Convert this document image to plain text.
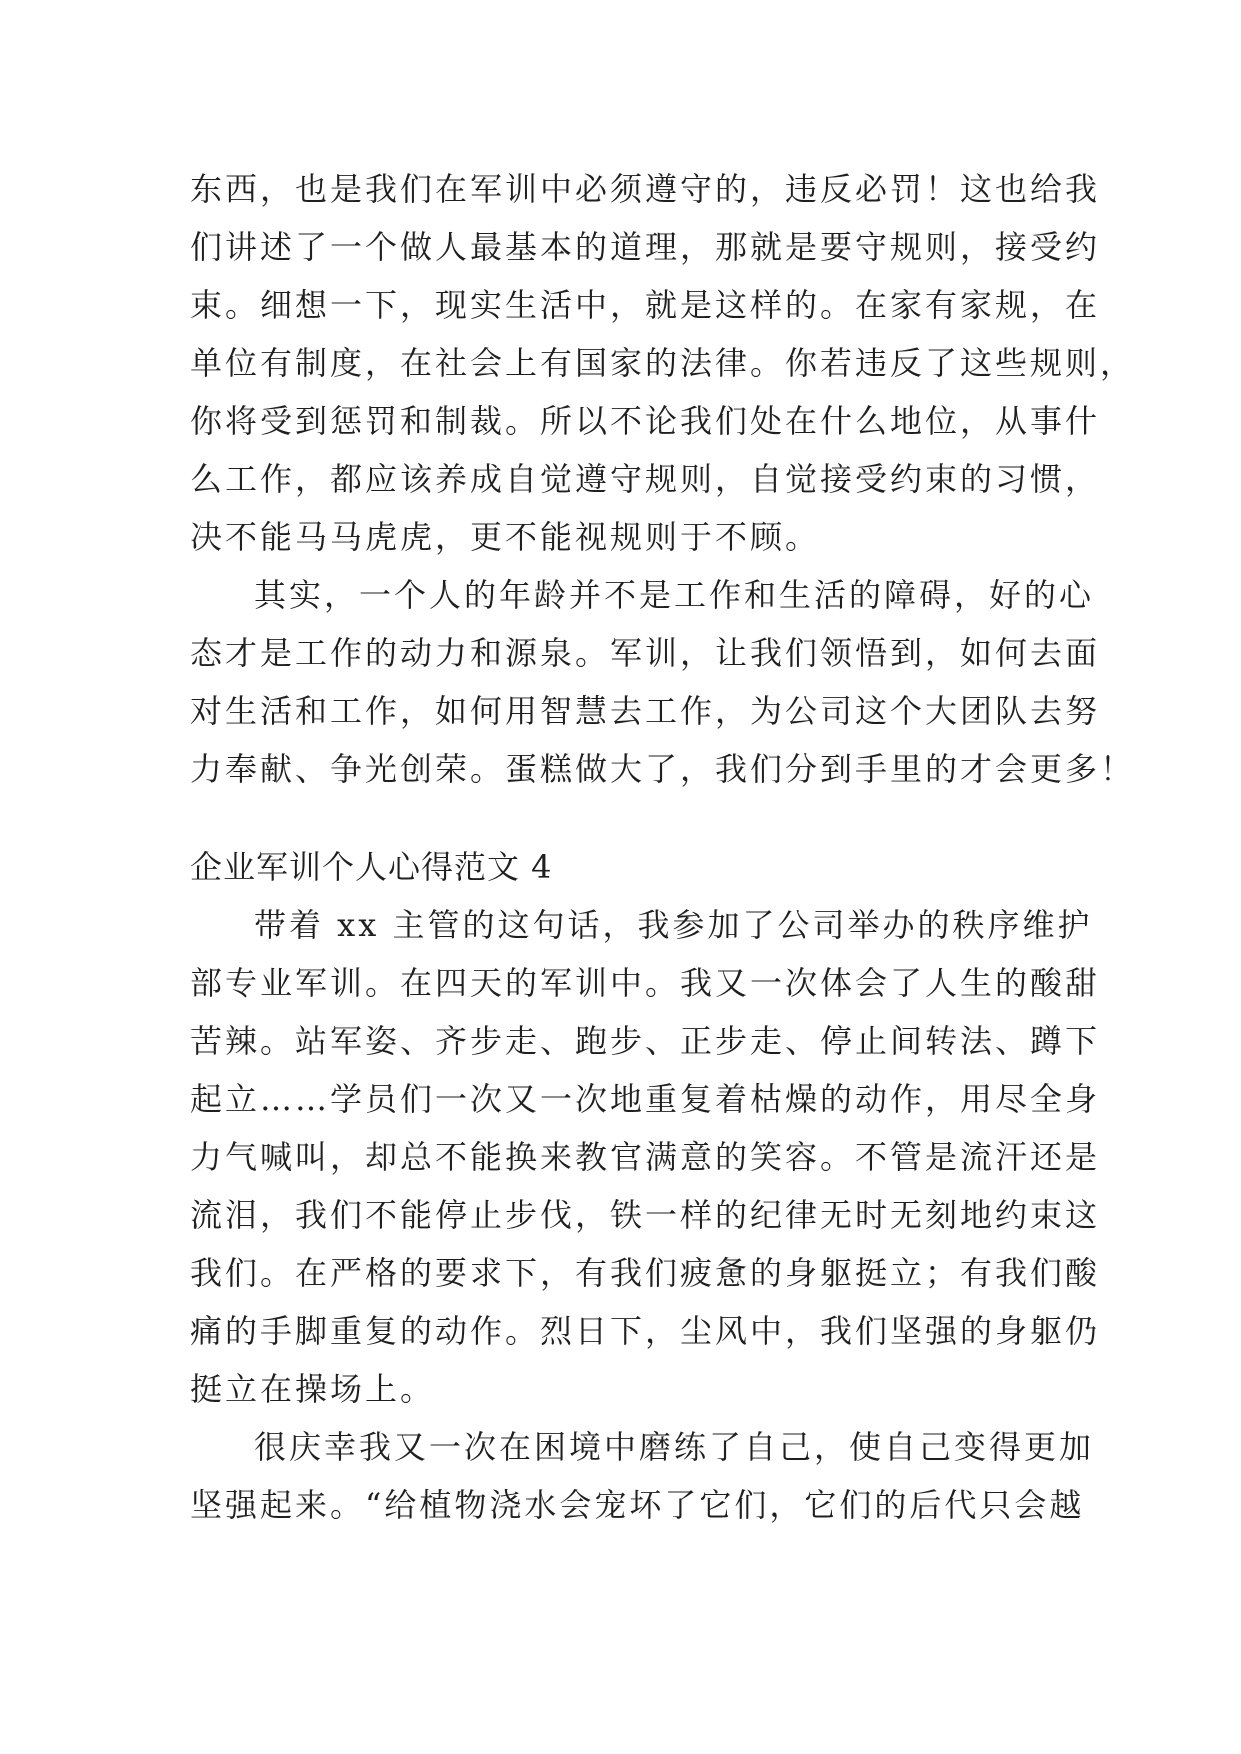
东西，也是我们在军训中必须遵守的，违反必罚！这也给我
们讲述了一个做人最基本的道理，那就是要守规则，接受约
束。细想一下，现实生活中，就是这样的。在家有家规，在
单位有制度，在社会上有国家的法律。你若违反了这些规则，
你将受到惩罚和制裁。所以不论我们处在什么地位，从事什
么工作，都应该养成自觉遵守规则，自觉接受约束的习惯，
决不能马马虎虎，更不能视规则于不顾。
其实，一个人的年龄并不是工作和生活的障碍，好的心
态才是工作的动力和源泉。军训，让我们领悟到，如何去面
对生活和工作，如何用智慧去工作，为公司这个大团队去努
力奉献、争光创荣。蛋糕做大了，我们分到手里的才会更多！
企业军训个人心得范文 4
带着 xx 主管的这句话，我参加了公司举办的秩序维护
部专业军训。在四天的军训中。我又一次体会了人生的酸甜
苦辣。站军姿、齐步走、跑步、正步走、停止间转法、蹲下
起立……学员们一次又一次地重复着枯燥的动作，用尽全身
力气喊叫，却总不能换来教官满意的笑容。不管是流汗还是
流泪，我们不能停止步伐，铁一样的纪律无时无刻地约束这
我们。在严格的要求下，有我们疲惫的身躯挺立；有我们酸
痛的手脚重复的动作。烈日下，尘风中，我们坚强的身躯仍
挺立在操场上。
很庆幸我又一次在困境中磨练了自己，使自己变得更加
坚强起来。“给植物浇水会宠坏了它们，它们的后代只会越
